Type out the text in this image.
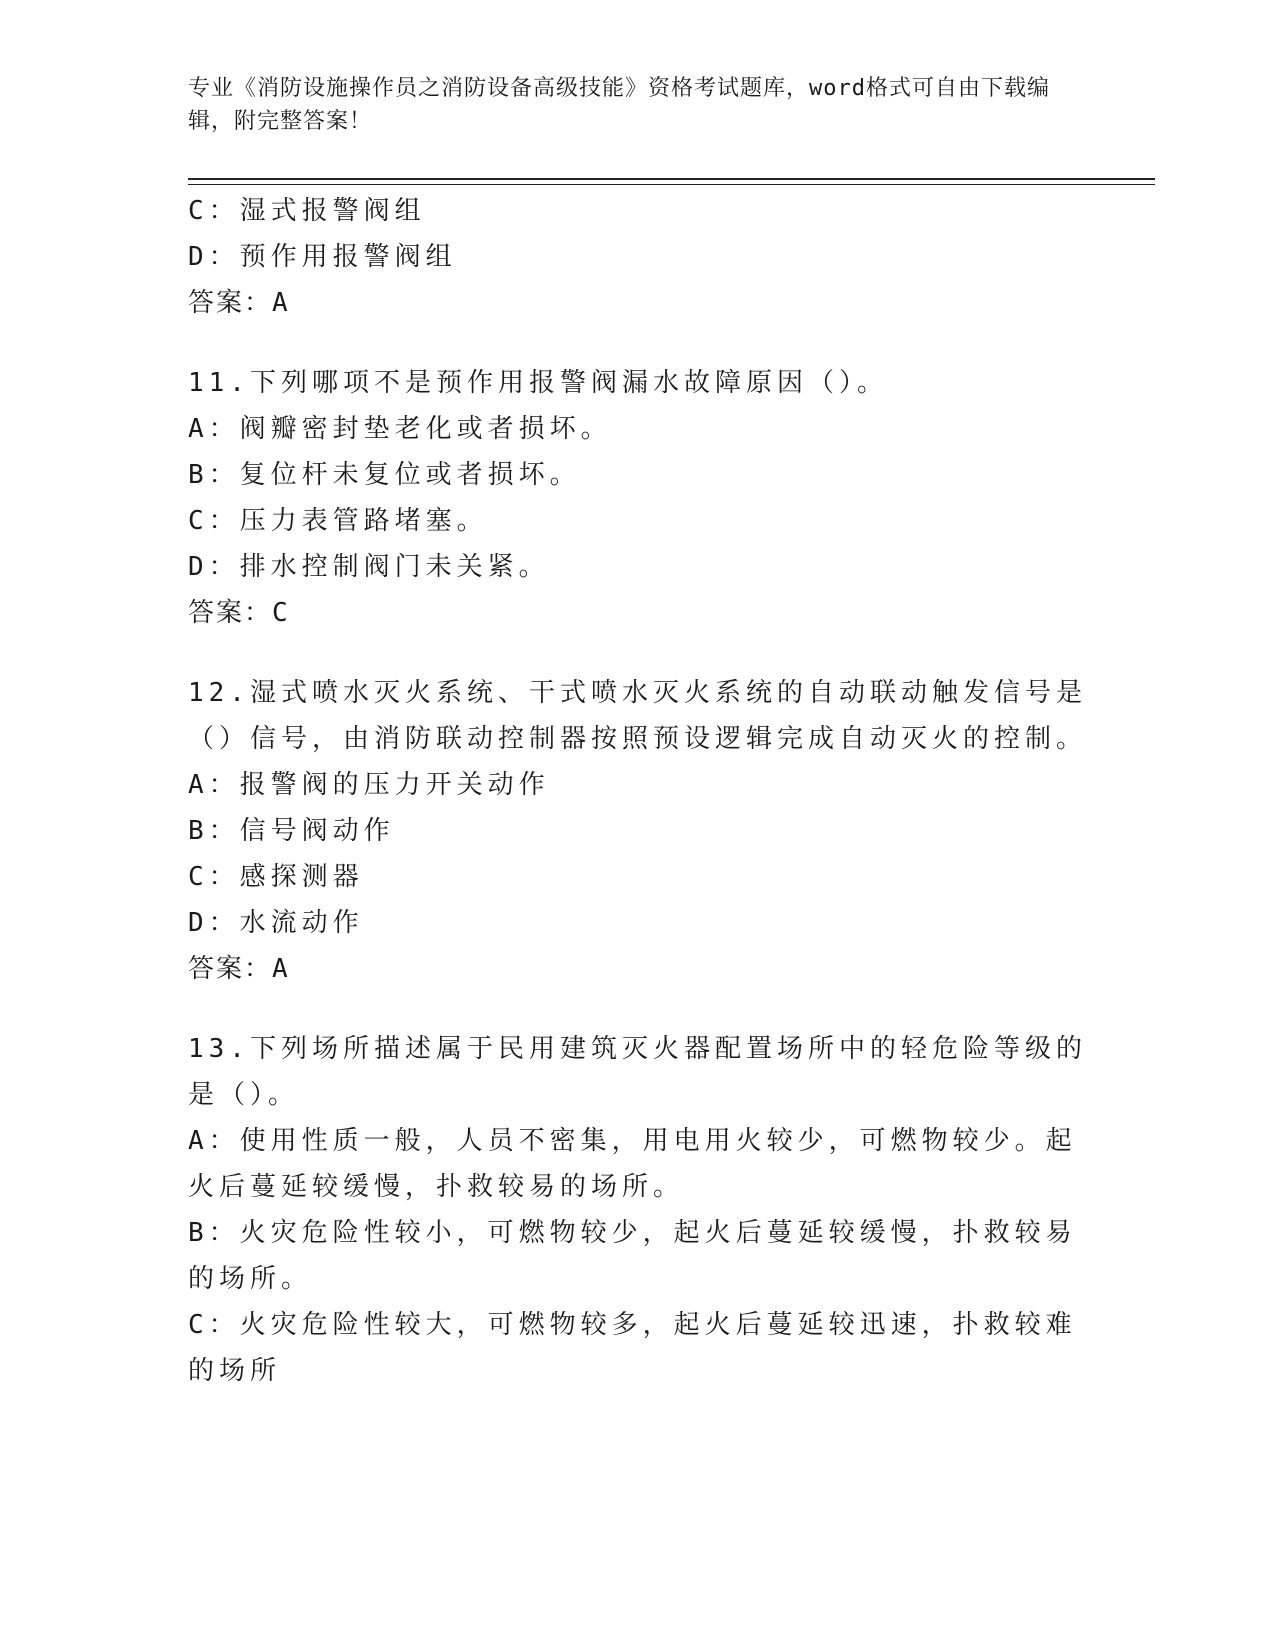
专业《消防设施操作员之消防设备高级技能》资格考试题库，word格式可自由下载编辑，附完整答案！
C：湿式报警阀组
D：预作用报警阀组
答案：A
11.下列哪项不是预作用报警阀漏水故障原因（）。
A：阀瓣密封垫老化或者损坏。
B：复位杆未复位或者损坏。
C：压力表管路堵塞。
D：排水控制阀门未关紧。
答案：C
12.湿式喷水灭火系统、干式喷水灭火系统的自动联动触发信号是（）信号，由消防联动控制器按照预设逻辑完成自动灭火的控制。
A：报警阀的压力开关动作
B：信号阀动作
C：感探测器
D：水流动作
答案：A
13.下列场所描述属于民用建筑灭火器配置场所中的轻危险等级的是（）。
A：使用性质一般，人员不密集，用电用火较少，可燃物较少。起火后蔓延较缓慢，扑救较易的场所。
B：火灾危险性较小，可燃物较少，起火后蔓延较缓慢，扑救较易的场所。
C：火灾危险性较大，可燃物较多，起火后蔓延较迅速，扑救较难的场所
